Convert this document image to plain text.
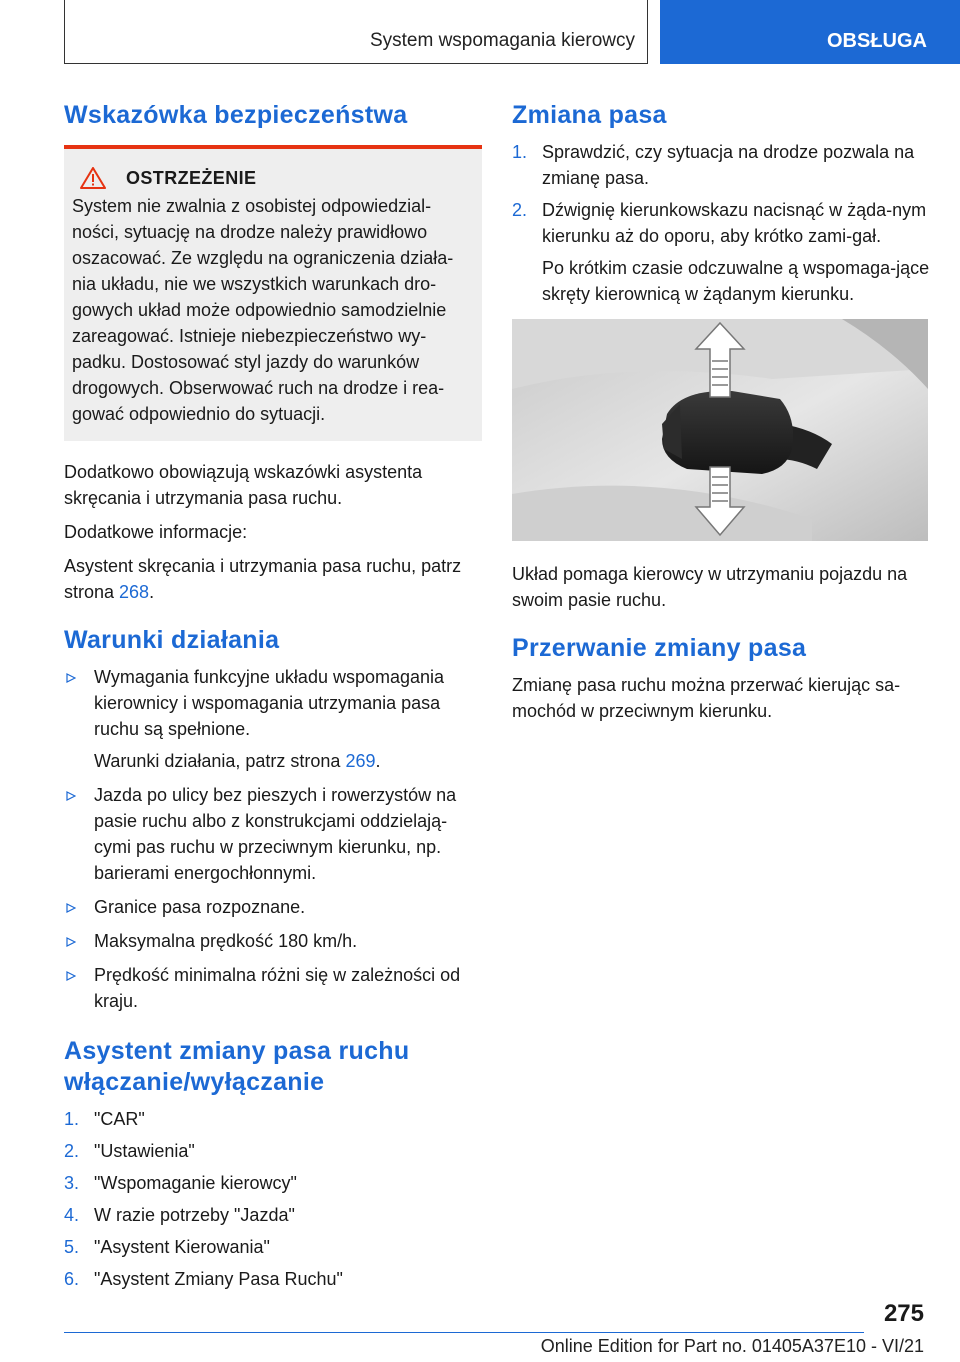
System wspomagania kierowcy	OBSŁUGA
Wskazówka bezpieczeństwa
OSTRZEŻENIE

System nie zwalnia z osobistej odpowiedzial-ności, sytuację na drodze należy prawidłowo oszacować. Ze względu na ograniczenia działa-nia układu, nie we wszystkich warunkach dro-gowych układ może odpowiednio samodzielnie zareagować. Istnieje niebezpieczeństwo wy-padku. Dostosować styl jazdy do warunków drogowych. Obserwować ruch na drodze i rea-gować odpowiednio do sytuacji.

Dodatkowo obowiązują wskazówki asystenta skręcania i utrzymania pasa ruchu.

Dodatkowe informacje:

Asystent skręcania i utrzymania pasa ruchu, patrz strona 268.

Warunki działania
Wymagania funkcyjne układu wspomagania kierownicy i wspomagania utrzymania pasa ruchu są spełnione.

Warunki działania, patrz strona 269.

Jazda po ulicy bez pieszych i rowerzystów na pasie ruchu albo z konstrukcjami oddzielają-cymi pas ruchu w przeciwnym kierunku, np. barierami energochłonnymi.
Granice pasa rozpoznane.
Maksymalna prędkość 180 km/h.
Prędkość minimalna różni się w zależności od kraju.
Asystent zmiany pasa ruchu włączanie/wyłączanie
1. "CAR"
2. "Ustawienia"
3. "Wspomaganie kierowcy"
4. W razie potrzeby "Jazda"
5. "Asystent Kierowania"
6. "Asystent Zmiany Pasa Ruchu"
Zmiana pasa
1. Sprawdzić, czy sytuacja na drodze pozwala na zmianę pasa.
2. Dźwignię kierunkowskazu nacisnąć w żąda-nym kierunku aż do oporu, aby krótko zami-gał.

Po krótkim czasie odczuwalne ą wspomaga-jące skręty kierownicą w żądanym kierunku.

Układ pomaga kierowcy w utrzymaniu pojazdu na swoim pasie ruchu.

Przerwanie zmiany pasa

Zmianę pasa ruchu można przerwać kierując sa-mochód w przeciwnym kierunku.

275
Online Edition for Part no. 01405A37E10 - VI/21
